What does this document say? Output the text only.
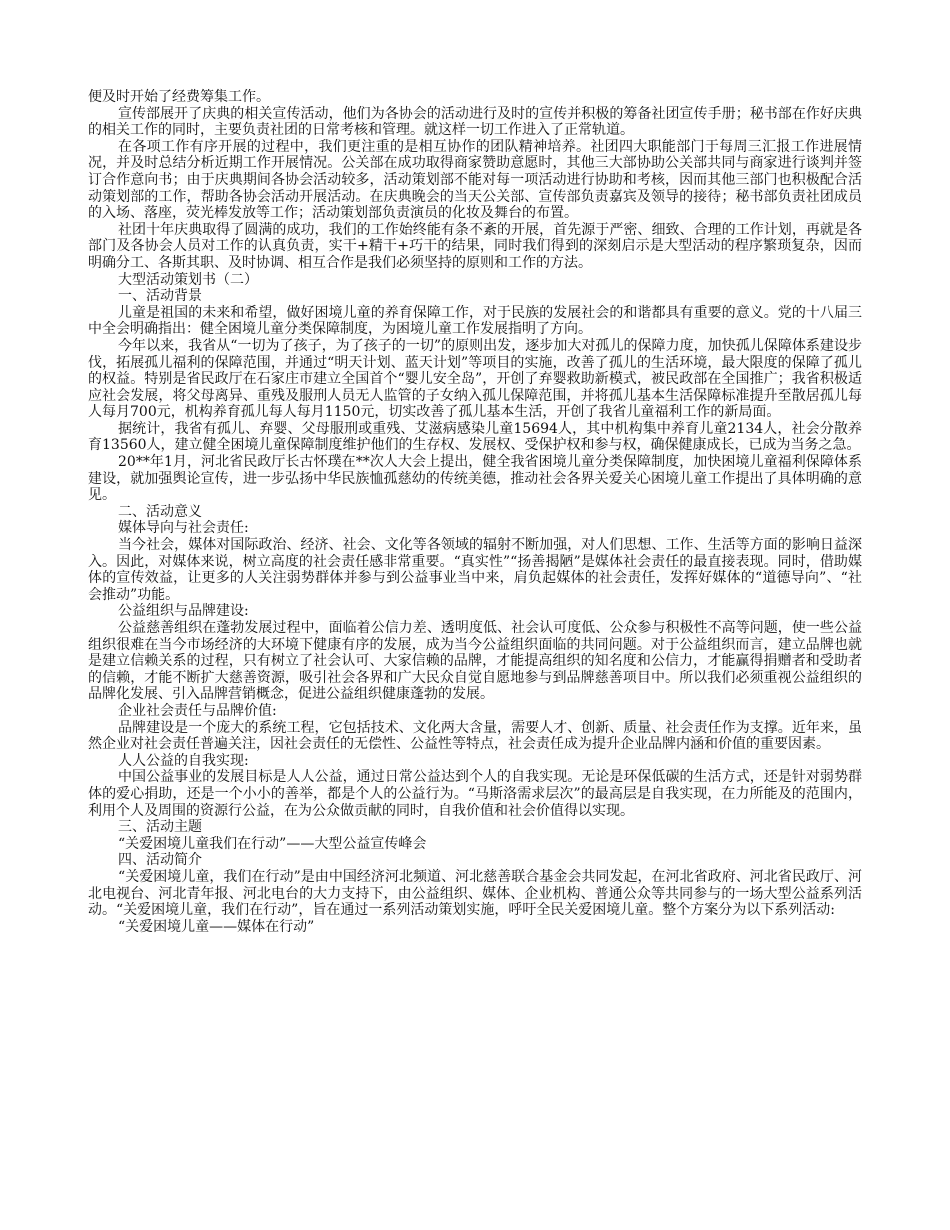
便及时开始了经费筹集工作。

宣传部展开了庆典的相关宣传活动，他们为各协会的活动进行及时的宣传并积极的筹备社团宣传手册；秘书部在作好庆典的相关工作的同时，主要负责社团的日常考核和管理。就这样一切工作进入了正常轨道。

在各项工作有序开展的过程中，我们更注重的是相互协作的团队精神培养。社团四大职能部门于每周三汇报工作进展情况，并及时总结分析近期工作开展情况。公关部在成功取得商家赞助意愿时，其他三大部协助公关部共同与商家进行谈判并签订合作意向书；由于庆典期间各协会活动较多，活动策划部不能对每一项活动进行协助和考核，因而其他三部门也积极配合活动策划部的工作，帮助各协会活动开展活动。在庆典晚会的当天公关部、宣传部负责嘉宾及领导的接待；秘书部负责社团成员的入场、落座，荧光棒发放等工作；活动策划部负责演员的化妆及舞台的布置。

社团十年庆典取得了圆满的成功，我们的工作始终能有条不紊的开展，首先源于严密、细致、合理的工作计划，再就是各部门及各协会人员对工作的认真负责，实干+精干+巧干的结果，同时我们得到的深刻启示是大型活动的程序繁琐复杂，因而明确分工、各斯其职、及时协调、相互合作是我们必须坚持的原则和工作的方法。

大型活动策划书（二）

一、活动背景

儿童是祖国的未来和希望，做好困境儿童的养育保障工作，对于民族的发展社会的和谐都具有重要的意义。党的十八届三中全会明确指出：健全困境儿童分类保障制度，为困境儿童工作发展指明了方向。

今年以来，我省从“一切为了孩子，为了孩子的一切”的原则出发，逐步加大对孤儿的保障力度，加快孤儿保障体系建设步伐，拓展孤儿福利的保障范围，并通过“明天计划、蓝天计划”等项目的实施，改善了孤儿的生活环境，最大限度的保障了孤儿的权益。特别是省民政厅在石家庄市建立全国首个“婴儿安全岛”，开创了弃婴救助新模式，被民政部在全国推广；我省积极适应社会发展，将父母离异、重残及服刑人员无人监管的子女纳入孤儿保障范围，并将孤儿基本生活保障标准提升至散居孤儿每人每月700元，机构养育孤儿每人每月1150元，切实改善了孤儿基本生活，开创了我省儿童福利工作的新局面。

据统计，我省有孤儿、弃婴、父母服刑或重残、艾滋病感染儿童15694人，其中机构集中养育儿童2134人，社会分散养育13560人，建立健全困境儿童保障制度维护他们的生存权、发展权、受保护权和参与权，确保健康成长，已成为当务之急。

20**年1月，河北省民政厅长古怀璞在**次人大会上提出，健全我省困境儿童分类保障制度，加快困境儿童福利保障体系建设，就加强舆论宣传，进一步弘扬中华民族恤孤慈幼的传统美德，推动社会各界关爱关心困境儿童工作提出了具体明确的意见。

二、活动意义

媒体导向与社会责任:

当今社会，媒体对国际政治、经济、社会、文化等各领域的辐射不断加强，对人们思想、工作、生活等方面的影响日益深入。因此，对媒体来说，树立高度的社会责任感非常重要。“真实性”“扬善揭陋”是媒体社会责任的最直接表现。同时，借助媒体的宣传效益，让更多的人关注弱势群体并参与到公益事业当中来，肩负起媒体的社会责任，发挥好媒体的“道德导向”、“社会推动”功能。

公益组织与品牌建设:

公益慈善组织在蓬勃发展过程中，面临着公信力差、透明度低、社会认可度低、公众参与积极性不高等问题，使一些公益组织很难在当今市场经济的大环境下健康有序的发展，成为当今公益组织面临的共同问题。对于公益组织而言，建立品牌也就是建立信赖关系的过程，只有树立了社会认可、大家信赖的品牌，才能提高组织的知名度和公信力，才能赢得捐赠者和受助者的信赖，才能不断扩大慈善资源，吸引社会各界和广大民众自觉自愿地参与到品牌慈善项目中。所以我们必须重视公益组织的品牌化发展、引入品牌营销概念，促进公益组织健康蓬勃的发展。

企业社会责任与品牌价值:

品牌建设是一个庞大的系统工程，它包括技术、文化两大含量，需要人才、创新、质量、社会责任作为支撑。近年来，虽然企业对社会责任普遍关注，因社会责任的无偿性、公益性等特点，社会责任成为提升企业品牌内涵和价值的重要因素。

人人公益的自我实现:

中国公益事业的发展目标是人人公益，通过日常公益达到个人的自我实现。无论是环保低碳的生活方式，还是针对弱势群体的爱心捐助，还是一个小小的善举，都是个人的公益行为。“马斯洛需求层次”的最高层是自我实现，在力所能及的范围内，利用个人及周围的资源行公益，在为公众做贡献的同时，自我价值和社会价值得以实现。

三、活动主题

“关爱困境儿童我们在行动”——大型公益宣传峰会

四、活动简介

“关爱困境儿童，我们在行动”是由中国经济河北频道、河北慈善联合基金会共同发起，在河北省政府、河北省民政厅、河北电视台、河北青年报、河北电台的大力支持下，由公益组织、媒体、企业机构、普通公众等共同参与的一场大型公益系列活动。“关爱困境儿童，我们在行动”，旨在通过一系列活动策划实施，呼吁全民关爱困境儿童。整个方案分为以下系列活动:

“关爱困境儿童——媒体在行动”
